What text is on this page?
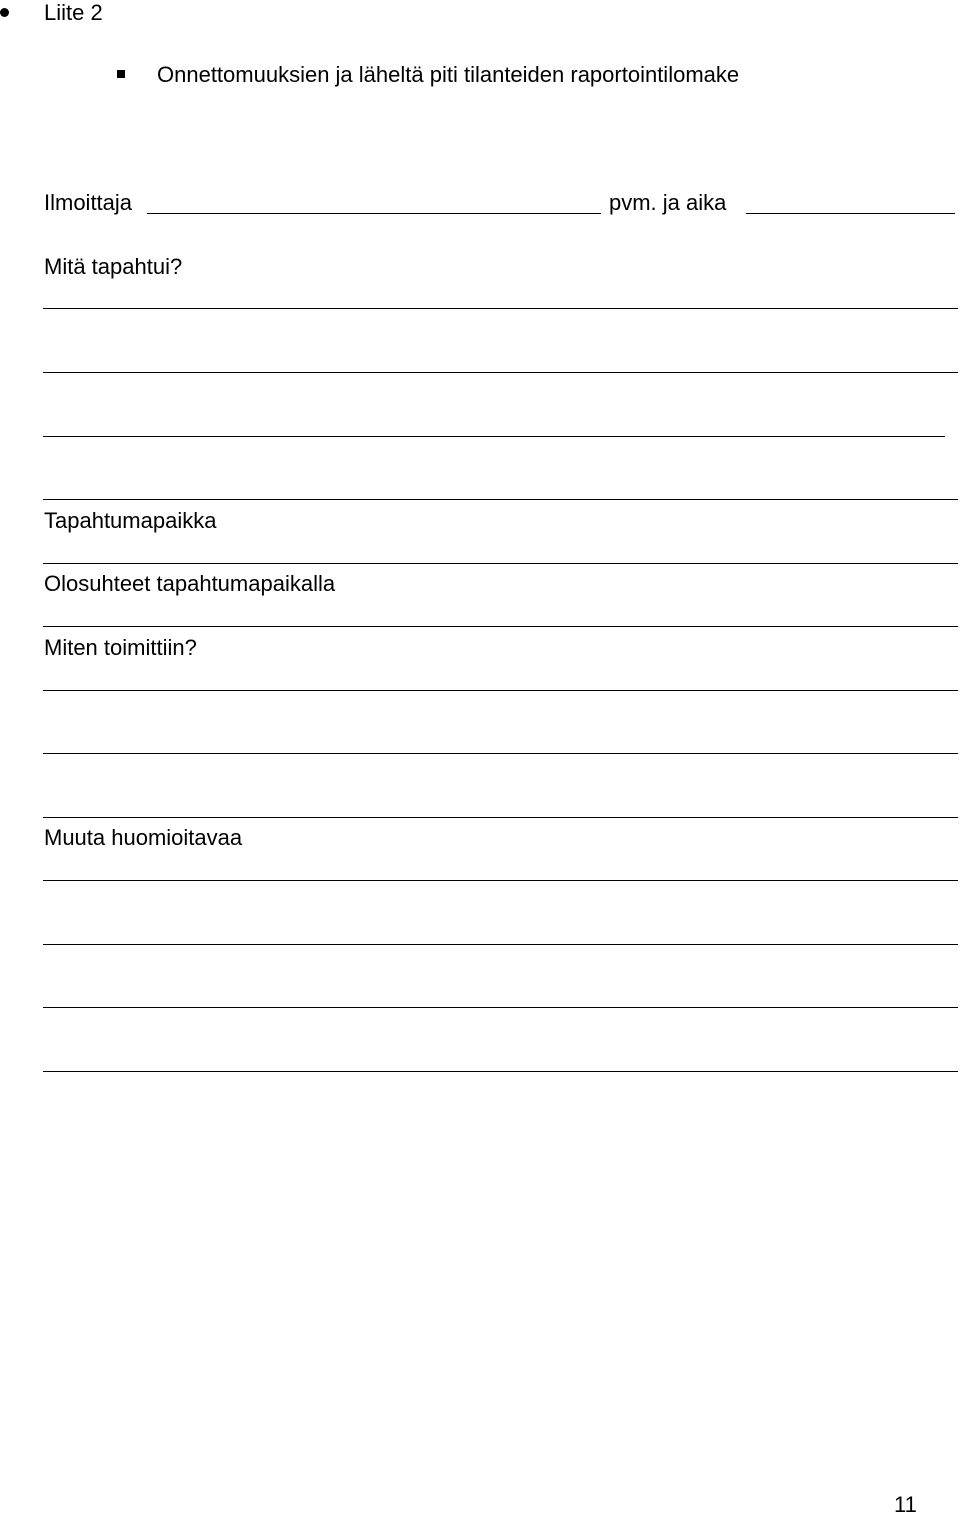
Liite 2
Onnettomuuksien ja läheltä piti tilanteiden raportointilomake
Ilmoittaja	pvm. ja aika
Mitä tapahtui?
Tapahtumapaikka
Olosuhteet tapahtumapaikalla
Miten toimittiin?
Muuta huomioitavaa
11
